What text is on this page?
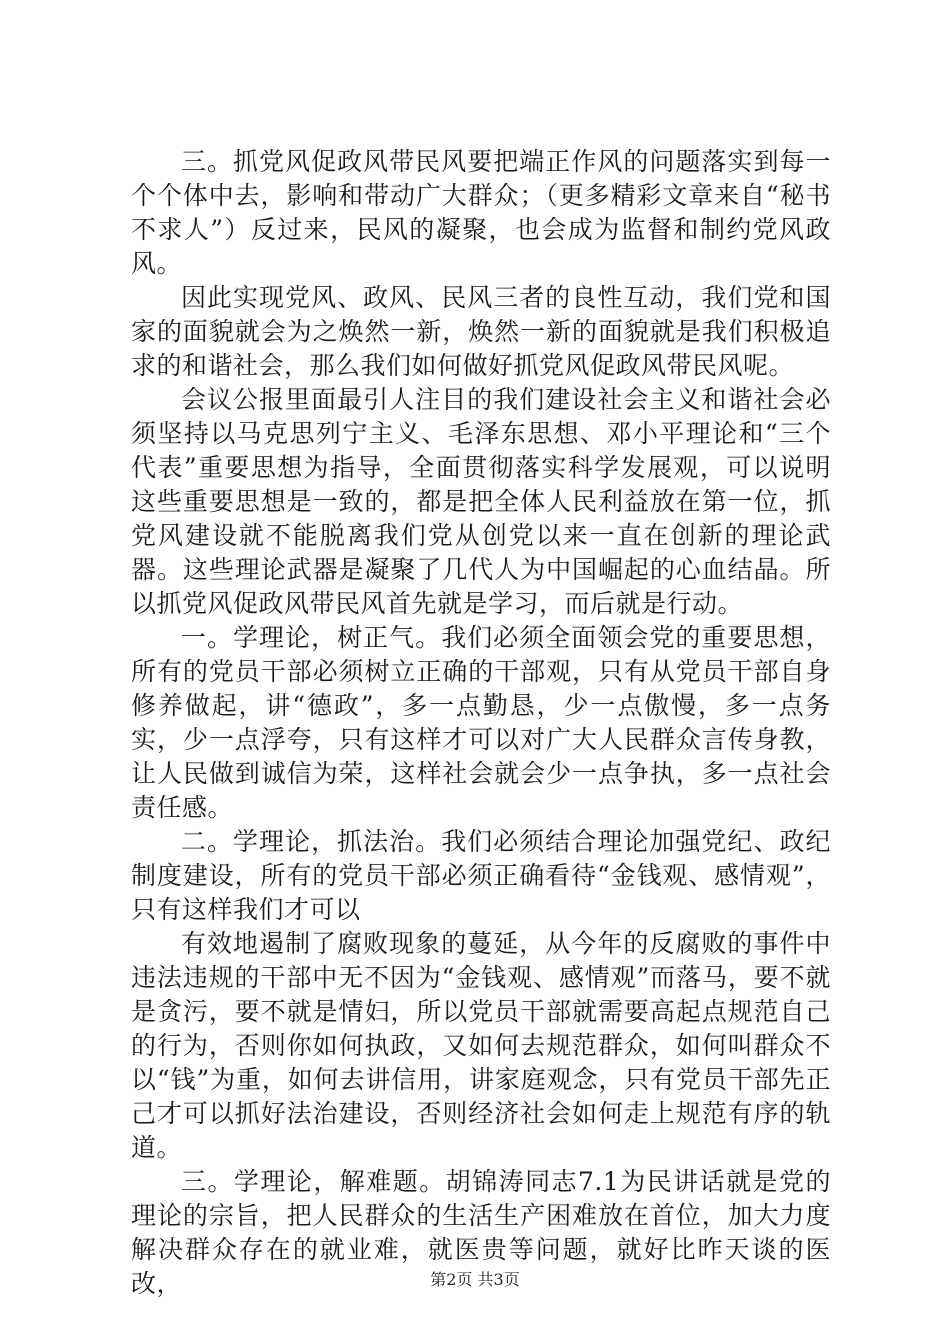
三。抓党风促政风带民风要把端正作风的问题落实到每一个个体中去，影响和带动广大群众；（更多精彩文章来自“秘书不求人”）反过来，民风的凝聚，也会成为监督和制约党风政风。

因此实现党风、政风、民风三者的良性互动，我们党和国家的面貌就会为之焕然一新，焕然一新的面貌就是我们积极追求的和谐社会，那么我们如何做好抓党风促政风带民风呢。

会议公报里面最引人注目的我们建设社会主义和谐社会必须坚持以马克思列宁主义、毛泽东思想、邓小平理论和“三个代表”重要思想为指导，全面贯彻落实科学发展观，可以说明这些重要思想是一致的，都是把全体人民利益放在第一位，抓党风建设就不能脱离我们党从创党以来一直在创新的理论武器。这些理论武器是凝聚了几代人为中国崛起的心血结晶。所以抓党风促政风带民风首先就是学习，而后就是行动。

一。学理论，树正气。我们必须全面领会党的重要思想，所有的党员干部必须树立正确的干部观，只有从党员干部自身修养做起，讲“德政”，多一点勤恳，少一点傲慢，多一点务实，少一点浮夸，只有这样才可以对广大人民群众言传身教，让人民做到诚信为荣，这样社会就会少一点争执，多一点社会责任感。

二。学理论，抓法治。我们必须结合理论加强党纪、政纪制度建设，所有的党员干部必须正确看待“金钱观、感情观”，只有这样我们才可以

有效地遏制了腐败现象的蔓延，从今年的反腐败的事件中违法违规的干部中无不因为“金钱观、感情观”而落马，要不就是贪污，要不就是情妇，所以党员干部就需要高起点规范自己的行为，否则你如何执政，又如何去规范群众，如何叫群众不以“钱”为重，如何去讲信用，讲家庭观念，只有党员干部先正己才可以抓好法治建设，否则经济社会如何走上规范有序的轨道。

三。学理论，解难题。胡锦涛同志7.1为民讲话就是党的理论的宗旨，把人民群众的生活生产困难放在首位，加大力度解决群众存在的就业难，就医贵等问题，就好比昨天谈的医改，	第2页 共3页
